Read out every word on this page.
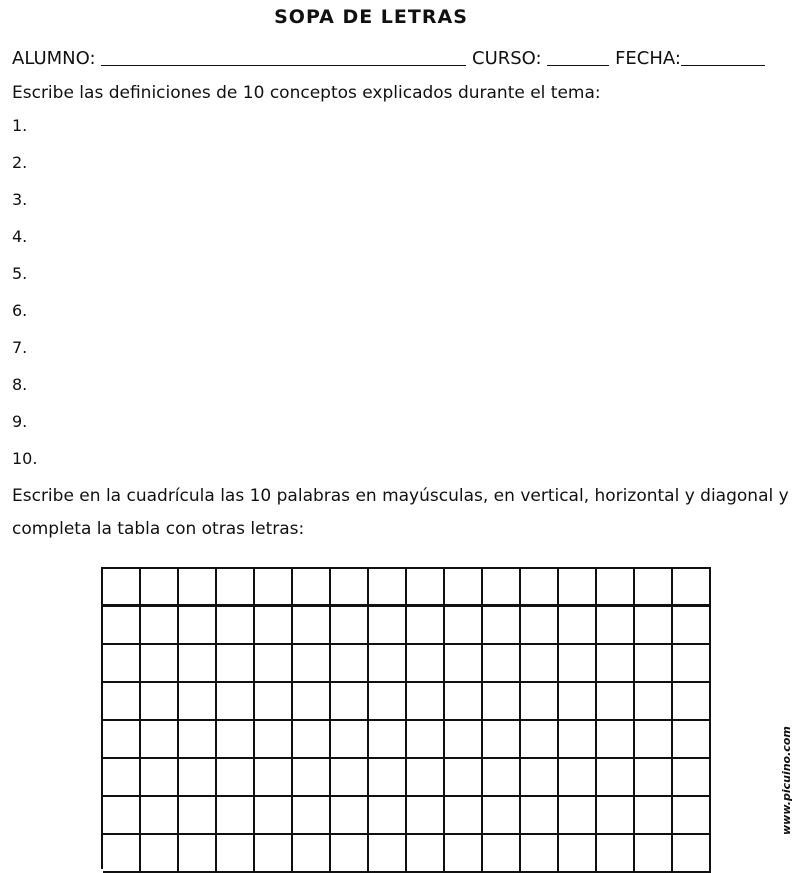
SOPA DE LETRAS
ALUMNO:	CURSO:	FECHA:
Escribe las definiciones de 10 conceptos explicados durante el tema:
1.
2.
3.
4.
5.
6.
7.
8.
9.
10.
Escribe en la cuadrícula las 10 palabras en mayúsculas, en vertical, horizontal y diagonal y completa la tabla con otras letras:
www.picuino.com
